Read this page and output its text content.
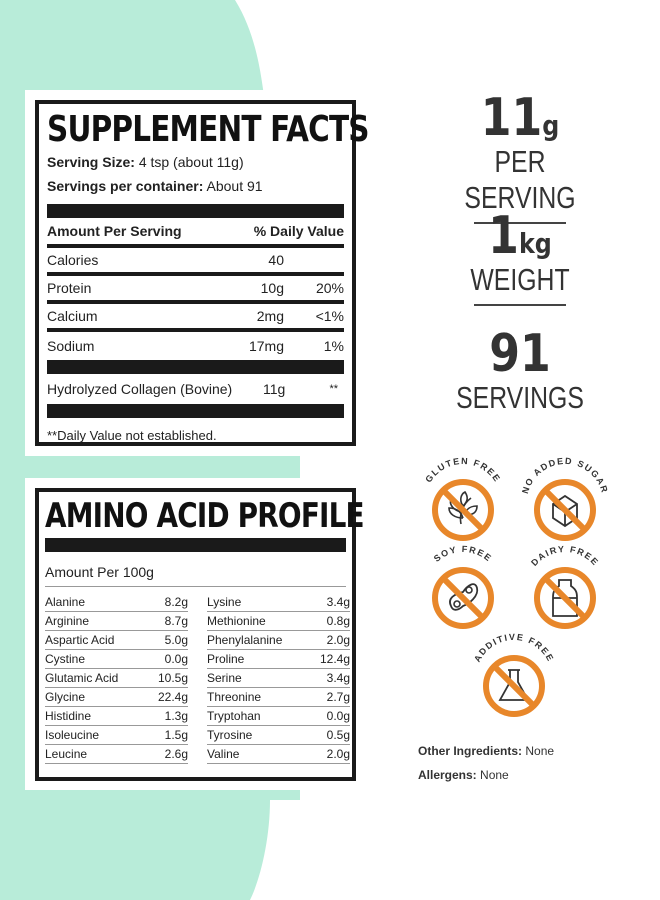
SUPPLEMENT FACTS
Serving Size: 4 tsp (about 11g)
Servings per container: About 91
Amount Per Serving	% Daily Value
Calories	40
Protein	10g 20%
Calcium	2mg <1%
Sodium	17mg	1%
Hydrolyzed Collagen (Bovine) 11g	**
**Daily Value not established.
AMINO ACID PROFILE
Amount Per 100g
Alanine	8.2g
Arginine	8.7g
Aspartic Acid	5.0g
Cystine	0.0g
Glutamic Acid	10.5g
Glycine	22.4g
Histidine	1.3g
Isoleucine	1.5g
Leucine	2.6g
Lysine	3.4g
Methionine	0.8g
Phenylalanine	2.0g
Proline	12.4g
Serine	3.4g
Threonine	2.7g
Tryptohan	0.0g
Tyrosine	0.5g
Valine	2.0g
11g
PER SERVING
1kg
WEIGHT
91
SERVINGS
GLUTEN FREE
NO ADDED SUGAR
SOY FREE	DAIRY FREE
ADDITIVE FREE
Other Ingredients: None
Allergens: None
